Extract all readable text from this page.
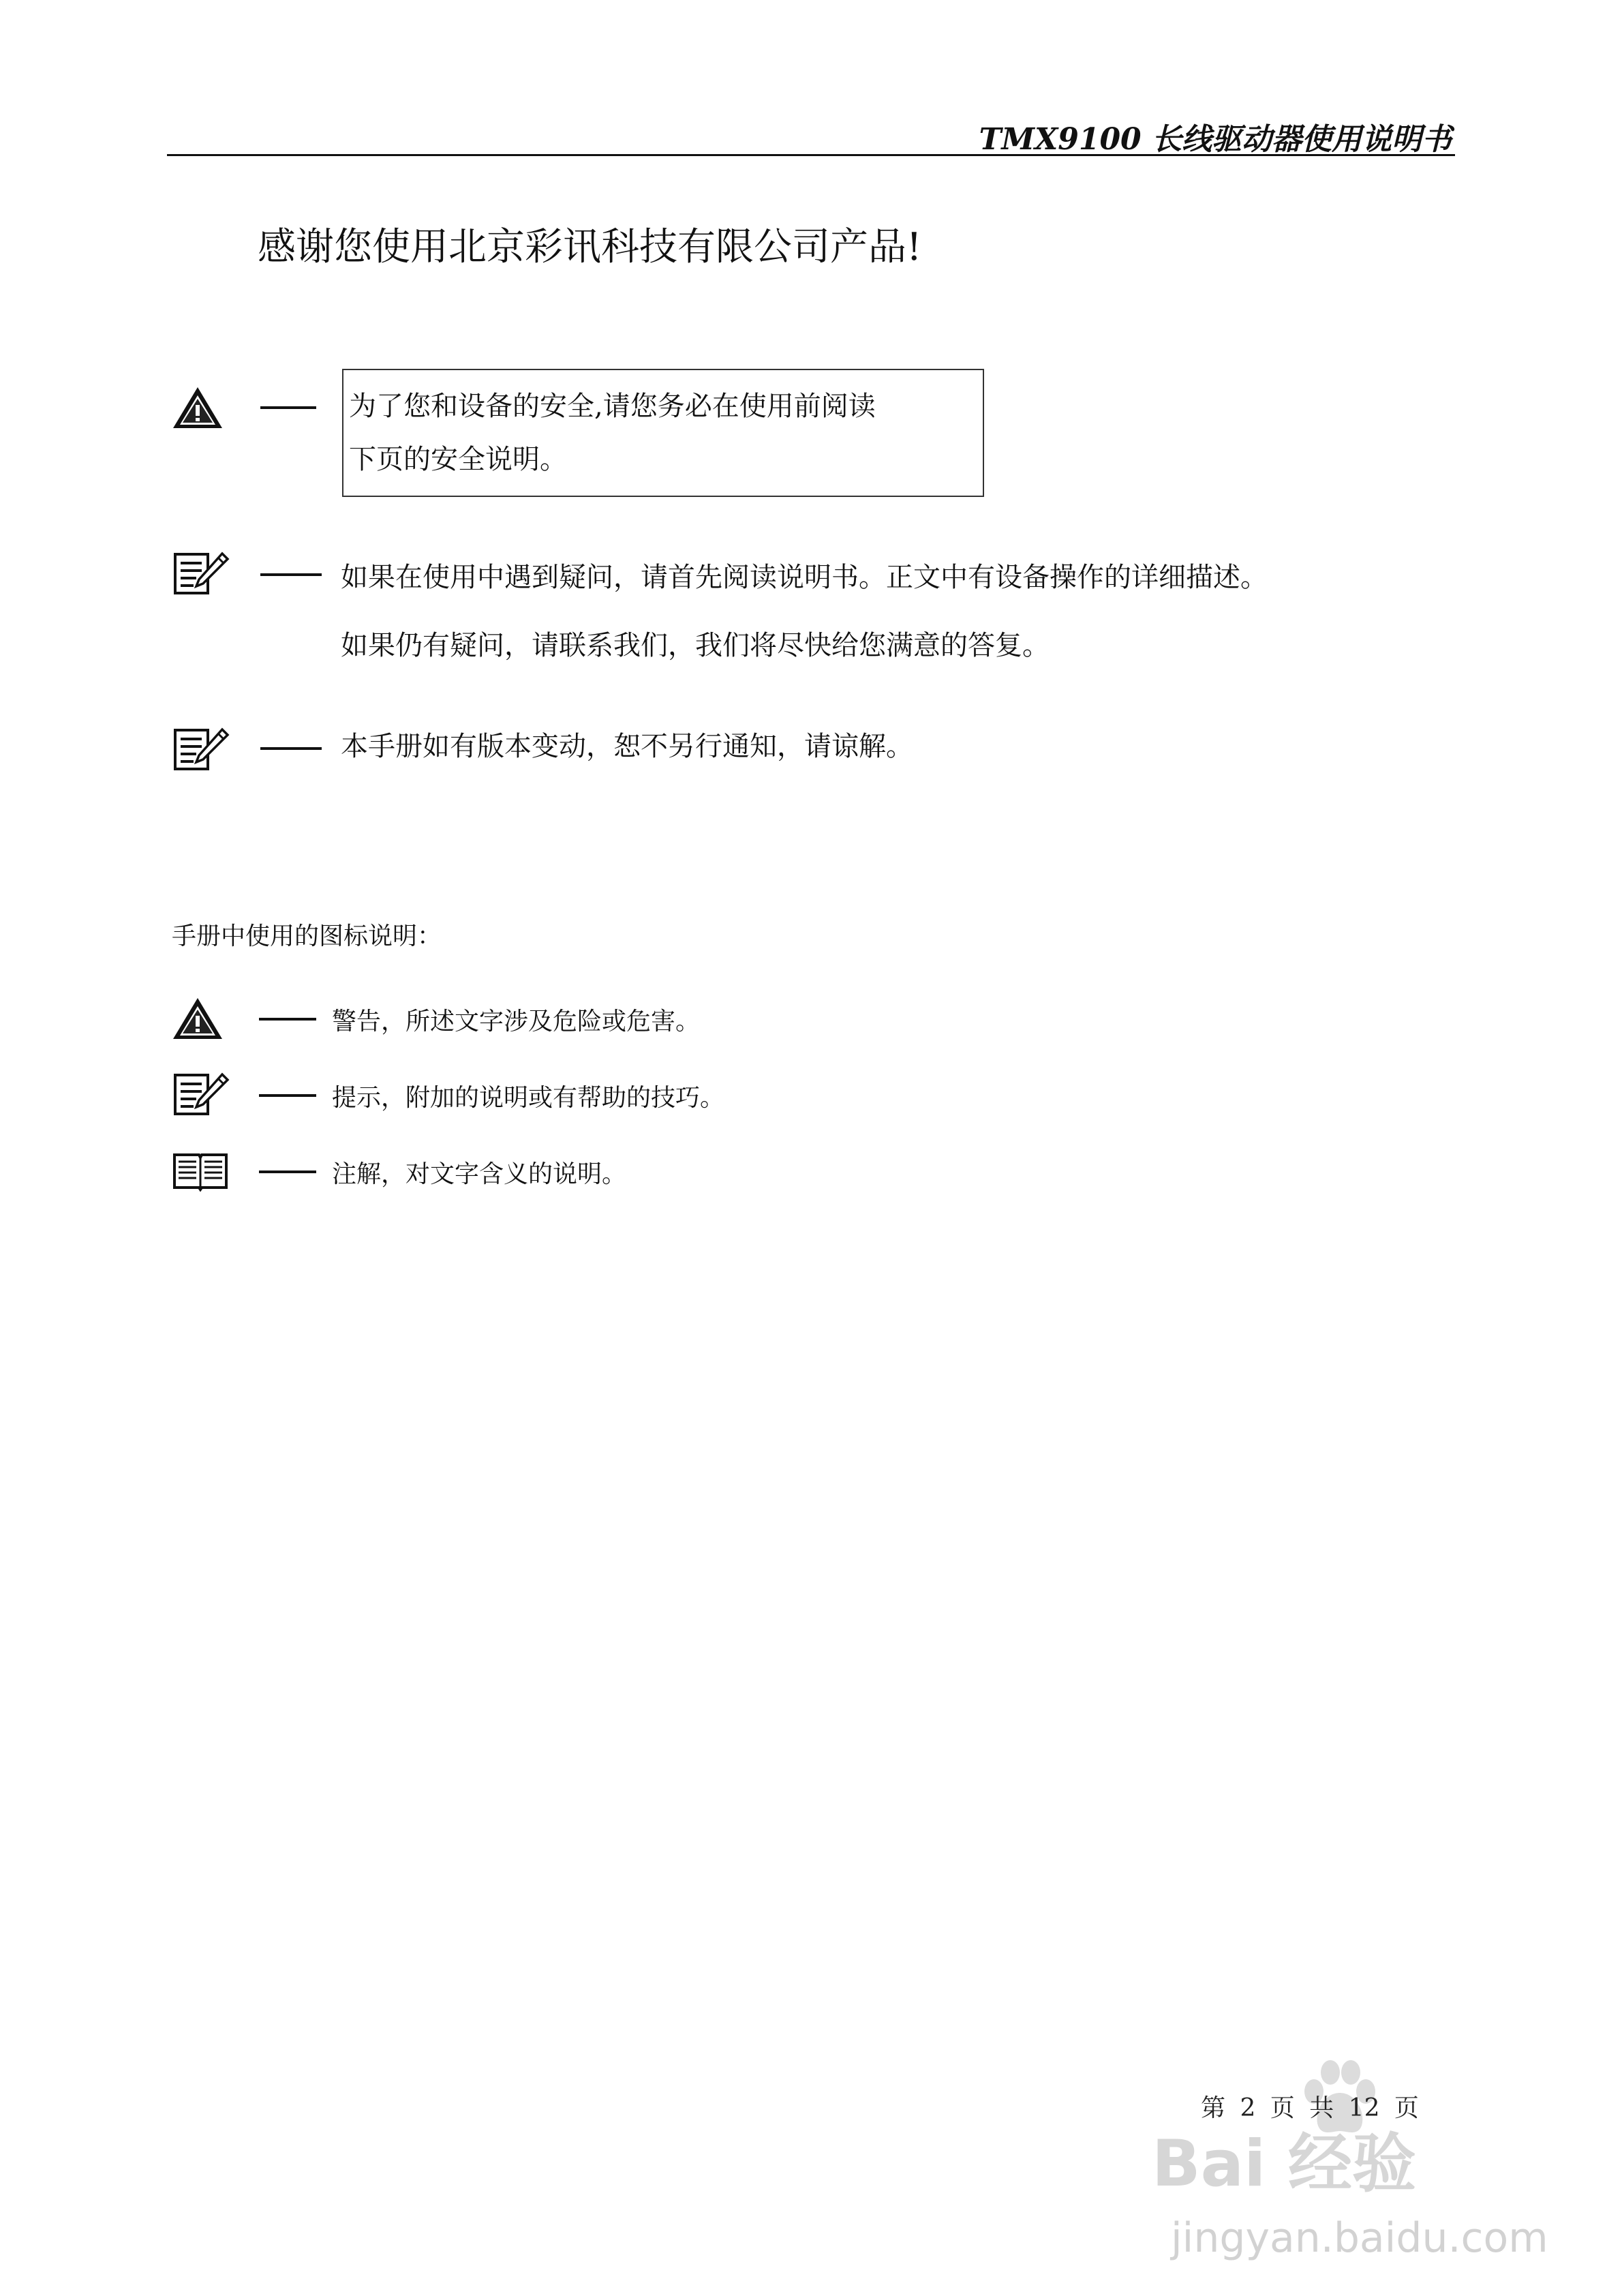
TMX9100 长线驱动器使用说明书
感谢您使用北京彩讯科技有限公司产品!
为了您和设备的安全,请您务必在使用前阅读
下页的安全说明。
如果在使用中遇到疑问，请首先阅读说明书。正文中有设备操作的详细描述。
如果仍有疑问，请联系我们，我们将尽快给您满意的答复。
本手册如有版本变动，恕不另行通知，请谅解。
手册中使用的图标说明：
警告，所述文字涉及危险或危害。
提示，附加的说明或有帮助的技巧。
注解，对文字含义的说明。
Bai 经验
jingyan.baidu.com
第 2 页 共 12 页
